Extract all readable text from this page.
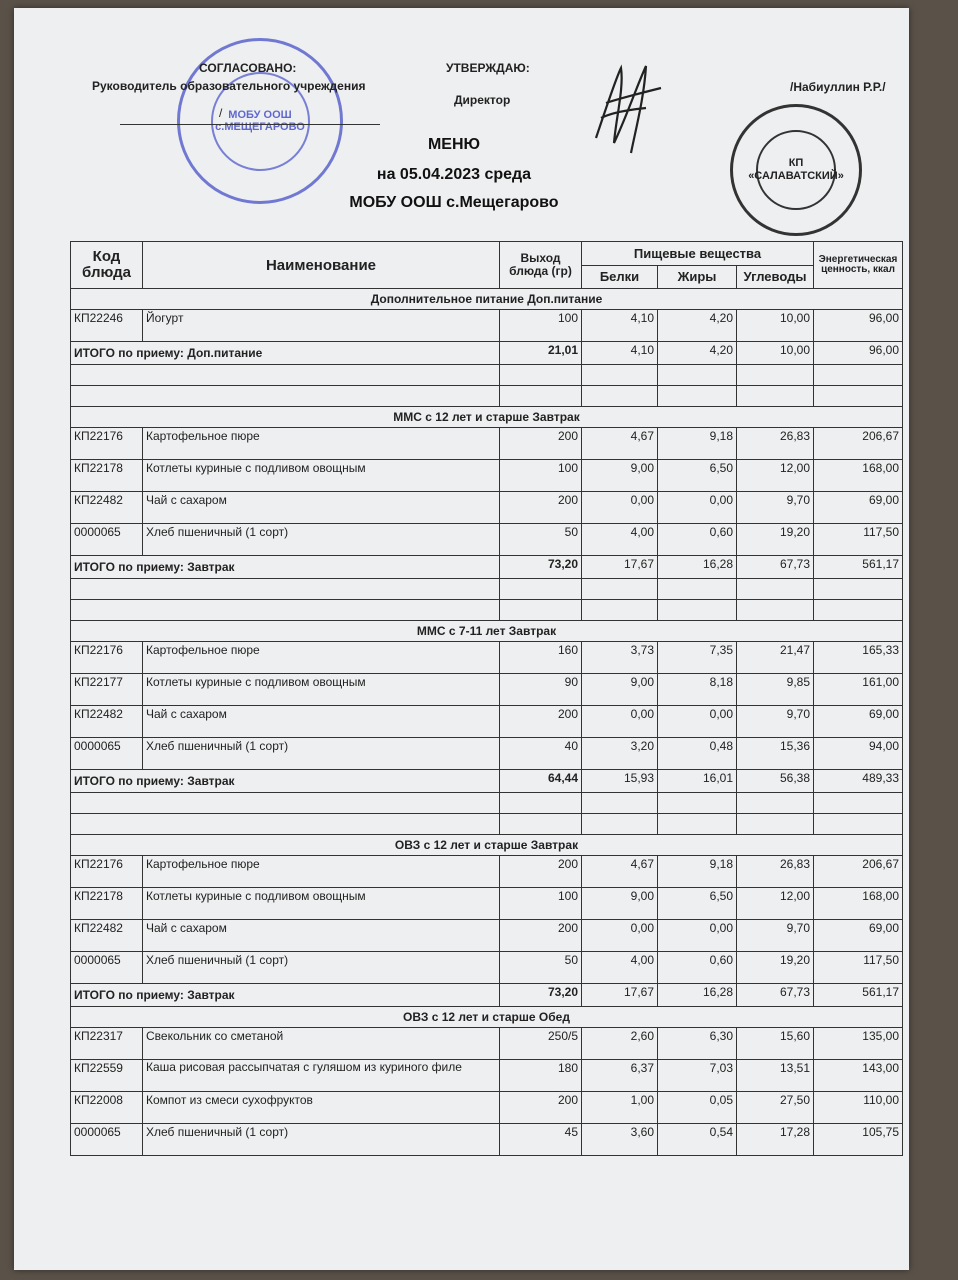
МОБУ ООШ с.МЕЩЕГАРОВО
СОГЛАСОВАНО:
Руководитель образовательного учреждения
/
УТВЕРЖДАЮ:
Директор
/Набиуллин Р.Р./
КП «САЛАВАТСКИЙ»
МЕНЮ
на 05.04.2023 среда
МОБУ ООШ с.Мещегарово
Код блюда	Наименование	Выход блюда (гр)	Пищевые вещества			Энергетическая ценность, ккал
			Белки	Жиры	Углеводы	
Дополнительное питание Доп.питание						
КП22246	Йогурт	100	4,10	4,20	10,00	96,00
ИТОГО по приему: Доп.питание		21,01	4,10	4,20	10,00	96,00

ММС с 12 лет и старше Завтрак						
КП22176	Картофельное пюре	200	4,67	9,18	26,83	206,67
КП22178	Котлеты куриные с подливом овощным	100	9,00	6,50	12,00	168,00
КП22482	Чай с сахаром	200	0,00	0,00	9,70	69,00
0000065	Хлеб пшеничный (1 сорт)	50	4,00	0,60	19,20	117,50
ИТОГО по приему: Завтрак		73,20	17,67	16,28	67,73	561,17

ММС с 7-11 лет Завтрак						
КП22176	Картофельное пюре	160	3,73	7,35	21,47	165,33
КП22177	Котлеты куриные с подливом овощным	90	9,00	8,18	9,85	161,00
КП22482	Чай с сахаром	200	0,00	0,00	9,70	69,00
0000065	Хлеб пшеничный (1 сорт)	40	3,20	0,48	15,36	94,00
ИТОГО по приему: Завтрак		64,44	15,93	16,01	56,38	489,33

ОВЗ с 12 лет и старше Завтрак						
КП22176	Картофельное пюре	200	4,67	9,18	26,83	206,67
КП22178	Котлеты куриные с подливом овощным	100	9,00	6,50	12,00	168,00
КП22482	Чай с сахаром	200	0,00	0,00	9,70	69,00
0000065	Хлеб пшеничный (1 сорт)	50	4,00	0,60	19,20	117,50
ИТОГО по приему: Завтрак		73,20	17,67	16,28	67,73	561,17
ОВЗ с 12 лет и старше Обед						
КП22317	Свекольник со сметаной	250/5	2,60	6,30	15,60	135,00
КП22559	Каша рисовая рассыпчатая с гуляшом из куриного филе	180	6,37	7,03	13,51	143,00
КП22008	Компот из смеси сухофруктов	200	1,00	0,05	27,50	110,00
0000065	Хлеб пшеничный (1 сорт)	45	3,60	0,54	17,28	105,75
